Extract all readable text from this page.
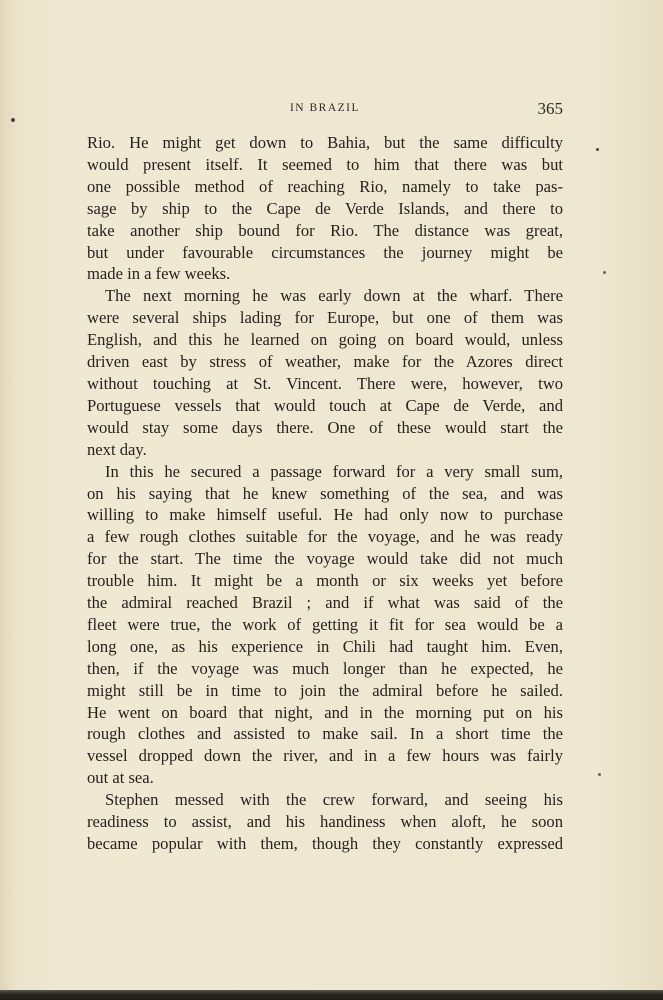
IN BRAZIL	365

Rio. He might get down to Bahia, but the same difficulty

would present itself. It seemed to him that there was but

one possible method of reaching Rio, namely to take pas-

sage by ship to the Cape de Verde Islands, and there to

take another ship bound for Rio. The distance was great,

but under favourable circumstances the journey might be

made in a few weeks.

The next morning he was early down at the wharf. There

were several ships lading for Europe, but one of them was

English, and this he learned on going on board would, unless

driven east by stress of weather, make for the Azores direct

without touching at St. Vincent. There were, however, two

Portuguese vessels that would touch at Cape de Verde, and

would stay some days there. One of these would start the

next day.

In this he secured a passage forward for a very small sum,

on his saying that he knew something of the sea, and was

willing to make himself useful. He had only now to purchase

a few rough clothes suitable for the voyage, and he was ready

for the start. The time the voyage would take did not much

trouble him. It might be a month or six weeks yet before

the admiral reached Brazil ; and if what was said of the

fleet were true, the work of getting it fit for sea would be a

long one, as his experience in Chili had taught him. Even,

then, if the voyage was much longer than he expected, he

might still be in time to join the admiral before he sailed.

He went on board that night, and in the morning put on his

rough clothes and assisted to make sail. In a short time the

vessel dropped down the river, and in a few hours was fairly

out at sea.

Stephen messed with the crew forward, and seeing his

readiness to assist, and his handiness when aloft, he soon

became popular with them, though they constantly expressed
